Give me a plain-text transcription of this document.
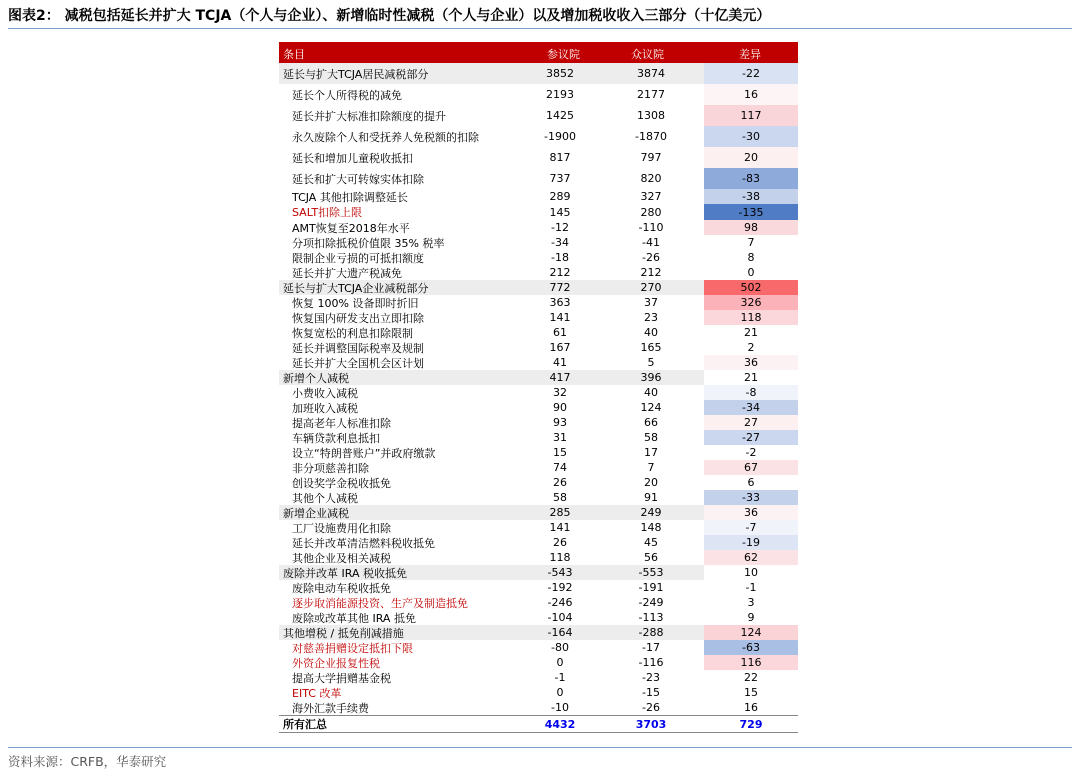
图表2： 减税包括延长并扩大 TCJA（个人与企业）、新增临时性减税（个人与企业）以及增加税收收入三部分（十亿美元）
条目	参议院	众议院	差异
延长与扩大TCJA居民减税部分	3852	3874	-22
延长个人所得税的减免	2193	2177	16
延长并扩大标准扣除额度的提升	1425	1308	117
永久废除个人和受抚养人免税额的扣除	-1900	-1870	-30
延长和增加儿童税收抵扣	817	797	20
延长和扩大可转嫁实体扣除	737	820	-83
TCJA 其他扣除调整延长	289	327	-38
SALT扣除上限	145	280	-135
AMT恢复至2018年水平	-12	-110	98
分项扣除抵税价值限 35% 税率	-34	-41	7
限制企业亏损的可抵扣额度	-18	-26	8
延长并扩大遗产税减免	212	212	0
延长与扩大TCJA企业减税部分	772	270	502
恢复 100% 设备即时折旧	363	37	326
恢复国内研发支出立即扣除	141	23	118
恢复宽松的利息扣除限制	61	40	21
延长并调整国际税率及规制	167	165	2
延长并扩大全国机会区计划	41	5	36
新增个人减税	417	396	21
小费收入减税	32	40	-8
加班收入减税	90	124	-34
提高老年人标准扣除	93	66	27
车辆贷款利息抵扣	31	58	-27
设立“特朗普账户”并政府缴款	15	17	-2
非分项慈善扣除	74	7	67
创设奖学金税收抵免	26	20	6
其他个人减税	58	91	-33
新增企业减税	285	249	36
工厂设施费用化扣除	141	148	-7
延长并改革清洁燃料税收抵免	26	45	-19
其他企业及相关减税	118	56	62
废除并改革 IRA 税收抵免	-543	-553	10
废除电动车税收抵免	-192	-191	-1
逐步取消能源投资、生产及制造抵免	-246	-249	3
废除或改革其他 IRA 抵免	-104	-113	9
其他增税 / 抵免削减措施	-164	-288	124
对慈善捐赠设定抵扣下限	-80	-17	-63
外资企业报复性税	0	-116	116
提高大学捐赠基金税	-1	-23	22
EITC 改革	0	-15	15
海外汇款手续费	-10	-26	16
所有汇总	4432	3703	729
资料来源：CRFB，华泰研究
